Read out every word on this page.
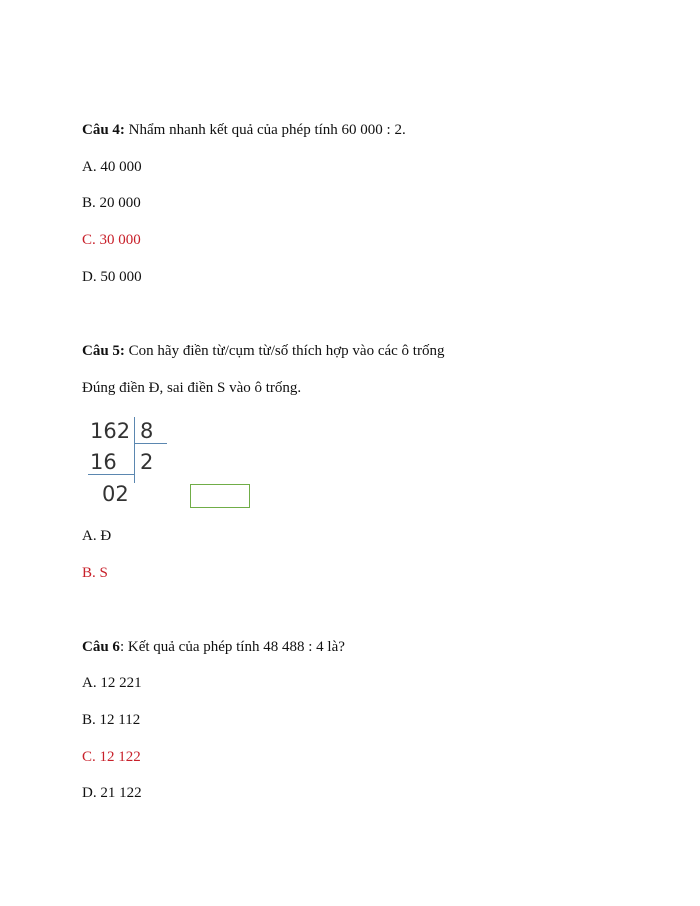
Câu 4: Nhẩm nhanh kết quả của phép tính 60 000 : 2.
A. 40 000
B. 20 000
C. 30 000
D. 50 000
Câu 5: Con hãy điền từ/cụm từ/số thích hợp vào các ô trống
Đúng điền Đ, sai điền S vào ô trống.
162 8
16 2
02
A. Đ
B. S
Câu 6: Kết quả của phép tính 48 488 : 4 là?
A. 12 221
B. 12 112
C. 12 122
D. 21 122
